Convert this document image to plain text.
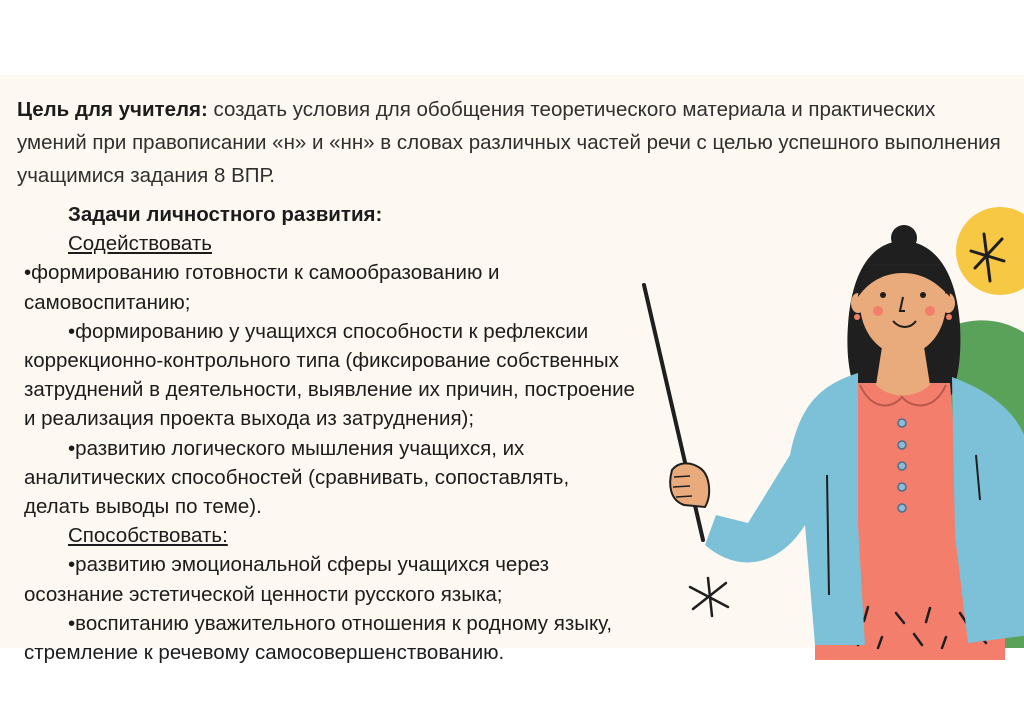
Цель для учителя: создать условия для обобщения теоретического материала и практических умений при правописании «н» и «нн» в словах различных частей речи с целью успешного выполнения учащимися задания 8 ВПР.

Задачи личностного развития:

Содействовать

•формированию готовности к самообразованию и самовоспитанию;

•формированию у учащихся способности к рефлексии коррекционно-контрольного типа (фиксирование собственных затруднений в деятельности, выявление их причин, построение и реализация проекта выхода из затруднения);

•развитию логического мышления учащихся, их аналитических способностей (сравнивать, сопоставлять, делать выводы по теме).

Способствовать:

•развитию эмоциональной сферы учащихся через осознание эстетической ценности русского языка;

•воспитанию уважительного отношения к родному языку, стремление к речевому самосовершенствованию.
